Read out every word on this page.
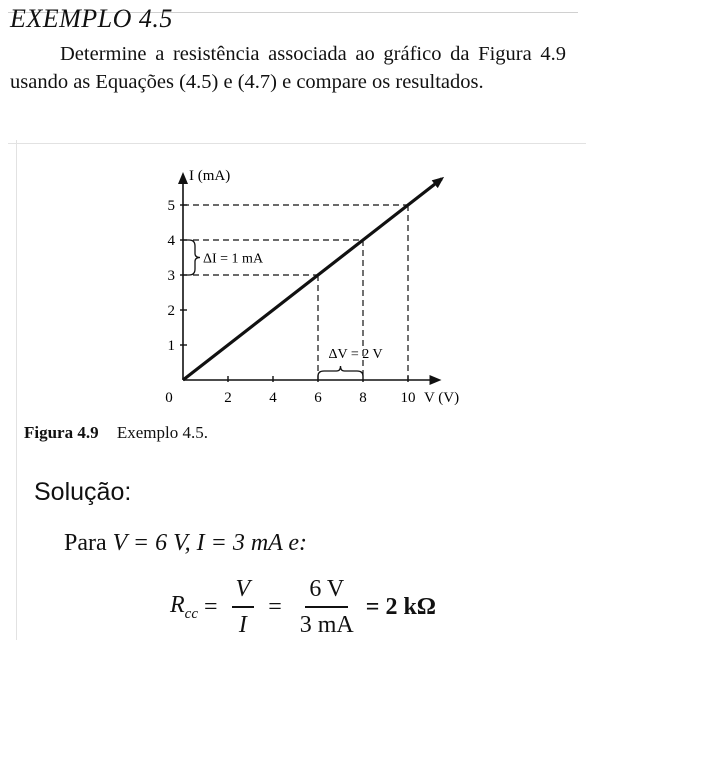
EXEMPLO 4.5

Determine a resistência associada ao gráfico da Figura 4.9 usando as Equações (4.5) e (4.7) e compare os resultados.

0	2	4	6	8 10
1
2
3
4
5
I (mA)
V (V)
ΔI = 1 mA
ΔV = 2 V
Figura 4.9 Exemplo 4.5.
Solução:
Para V = 6 V, I = 3 mA e:
$R_{cc} = \frac{V}{I} = \frac{6 V}{3 mA} = 2$ kΩ
